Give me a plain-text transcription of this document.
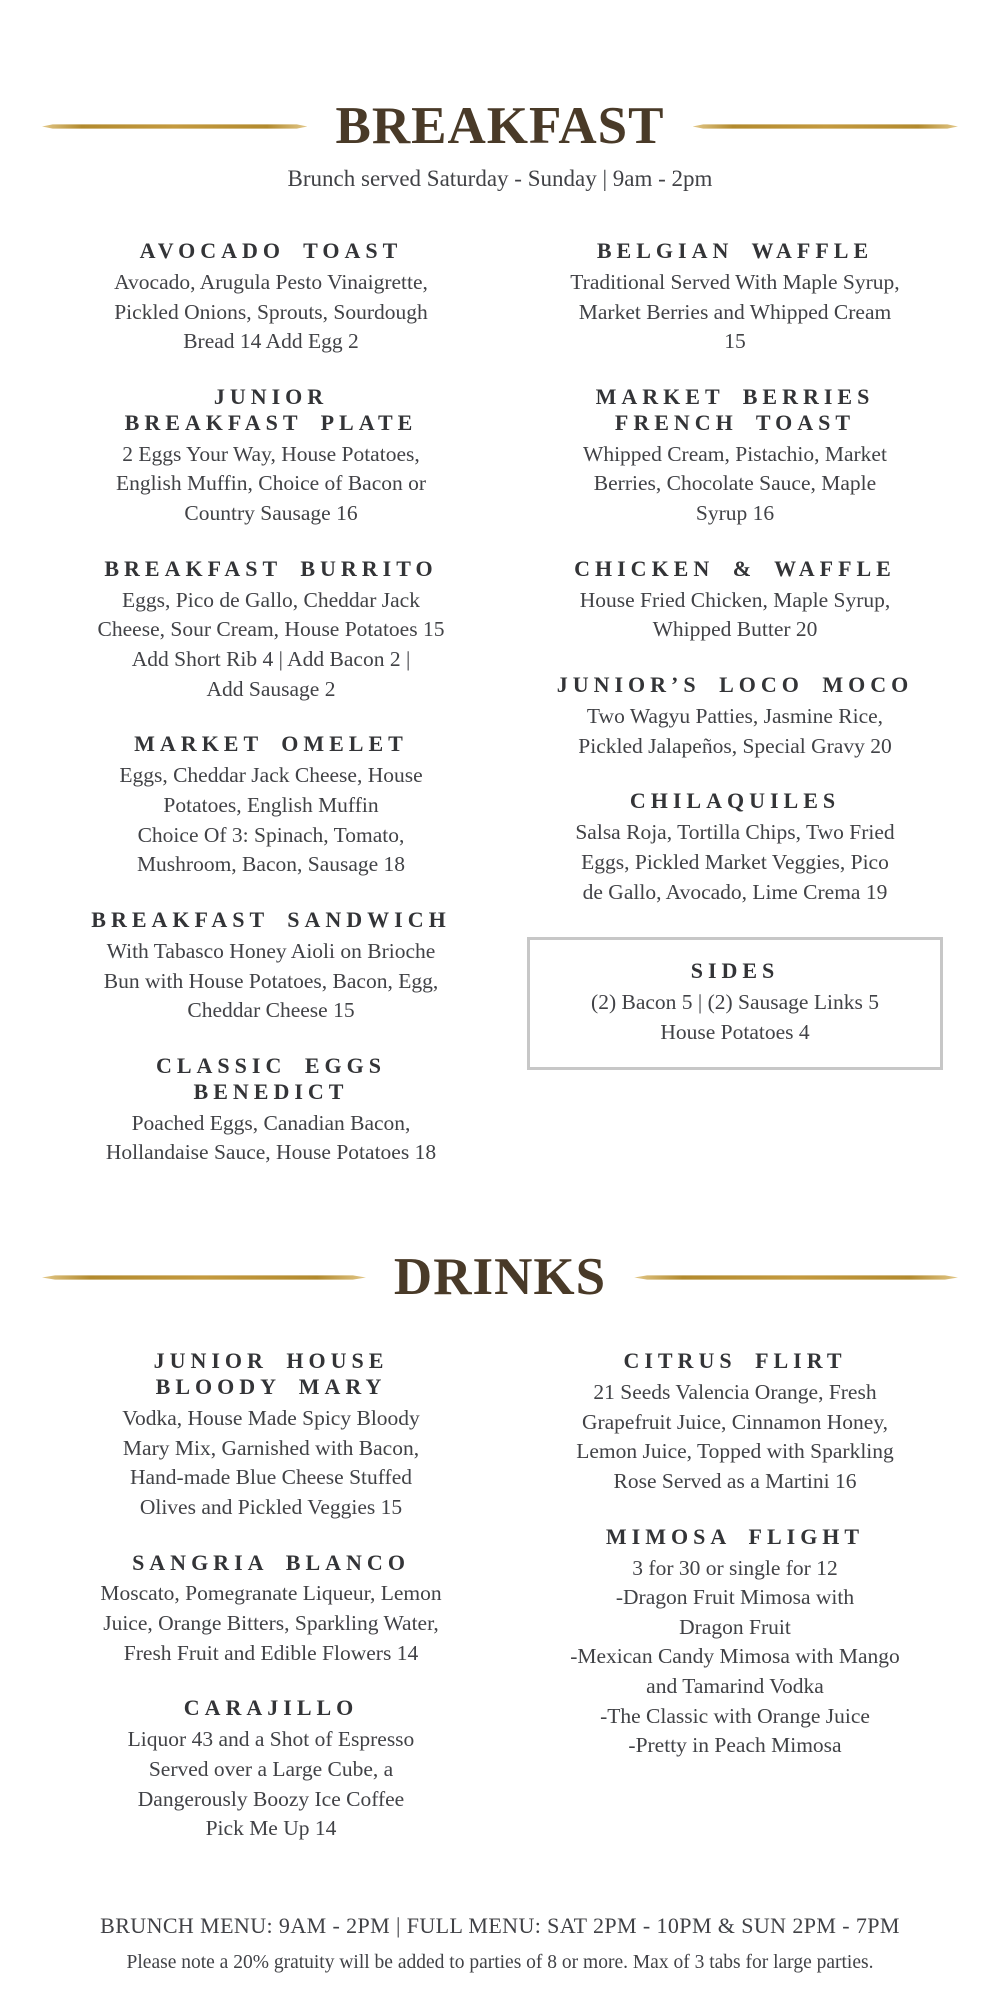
BREAKFAST
Brunch served Saturday - Sunday | 9am - 2pm
AVOCADO TOAST
Avocado, Arugula Pesto Vinaigrette,
Pickled Onions, Sprouts, Sourdough
Bread 14 Add Egg 2
JUNIOR
BREAKFAST PLATE
2 Eggs Your Way, House Potatoes,
English Muffin, Choice of Bacon or
Country Sausage 16
BREAKFAST BURRITO
Eggs, Pico de Gallo, Cheddar Jack
Cheese, Sour Cream, House Potatoes 15
Add Short Rib 4 | Add Bacon 2 |
Add Sausage 2
MARKET OMELET
Eggs, Cheddar Jack Cheese, House
Potatoes, English Muffin
Choice Of 3: Spinach, Tomato,
Mushroom, Bacon, Sausage 18
BREAKFAST SANDWICH
With Tabasco Honey Aioli on Brioche
Bun with House Potatoes, Bacon, Egg,
Cheddar Cheese 15
CLASSIC EGGS
BENEDICT
Poached Eggs, Canadian Bacon,
Hollandaise Sauce, House Potatoes 18
BELGIAN WAFFLE
Traditional Served With Maple Syrup,
Market Berries and Whipped Cream
15
MARKET BERRIES
FRENCH TOAST
Whipped Cream, Pistachio, Market
Berries, Chocolate Sauce, Maple
Syrup 16
CHICKEN & WAFFLE
House Fried Chicken, Maple Syrup,
Whipped Butter 20
JUNIOR’S LOCO MOCO
Two Wagyu Patties, Jasmine Rice,
Pickled Jalapeños, Special Gravy 20
CHILAQUILES
Salsa Roja, Tortilla Chips, Two Fried
Eggs, Pickled Market Veggies, Pico
de Gallo, Avocado, Lime Crema 19
SIDES
(2) Bacon 5 | (2) Sausage Links 5
House Potatoes 4
DRINKS
JUNIOR HOUSE
BLOODY MARY
Vodka, House Made Spicy Bloody
Mary Mix, Garnished with Bacon,
Hand-made Blue Cheese Stuffed
Olives and Pickled Veggies 15
SANGRIA BLANCO
Moscato, Pomegranate Liqueur, Lemon
Juice, Orange Bitters, Sparkling Water,
Fresh Fruit and Edible Flowers 14
CARAJILLO
Liquor 43 and a Shot of Espresso
Served over a Large Cube, a
Dangerously Boozy Ice Coffee
Pick Me Up 14
CITRUS FLIRT
21 Seeds Valencia Orange, Fresh
Grapefruit Juice, Cinnamon Honey,
Lemon Juice, Topped with Sparkling
Rose Served as a Martini 16
MIMOSA FLIGHT
3 for 30 or single for 12
-Dragon Fruit Mimosa with
Dragon Fruit
-Mexican Candy Mimosa with Mango
and Tamarind Vodka
-The Classic with Orange Juice
-Pretty in Peach Mimosa
BRUNCH MENU: 9AM - 2PM | FULL MENU: SAT 2PM - 10PM & SUN 2PM - 7PM
Please note a 20% gratuity will be added to parties of 8 or more. Max of 3 tabs for large parties.
